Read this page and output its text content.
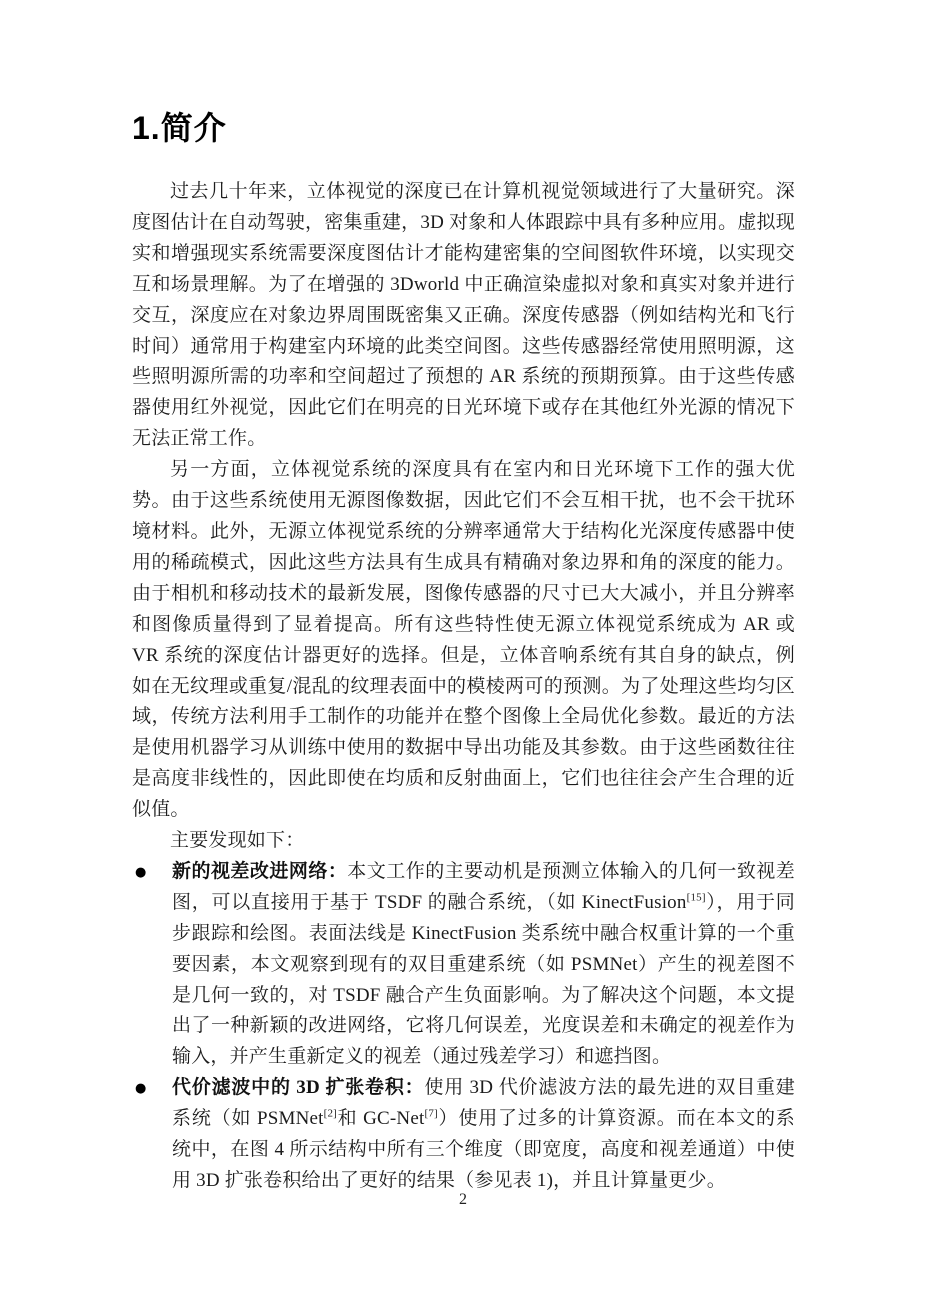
1.简介

过去几十年来，立体视觉的深度已在计算机视觉领域进行了大量研究。深度图估计在自动驾驶，密集重建，3D 对象和人体跟踪中具有多种应用。虚拟现实和增强现实系统需要深度图估计才能构建密集的空间图软件环境，以实现交互和场景理解。为了在增强的 3Dworld 中正确渲染虚拟对象和真实对象并进行交互，深度应在对象边界周围既密集又正确。深度传感器（例如结构光和飞行时间）通常用于构建室内环境的此类空间图。这些传感器经常使用照明源，这些照明源所需的功率和空间超过了预想的 AR 系统的预期预算。由于这些传感器使用红外视觉，因此它们在明亮的日光环境下或存在其他红外光源的情况下无法正常工作。

另一方面，立体视觉系统的深度具有在室内和日光环境下工作的强大优势。由于这些系统使用无源图像数据，因此它们不会互相干扰，也不会干扰环境材料。此外，无源立体视觉系统的分辨率通常大于结构化光深度传感器中使用的稀疏模式，因此这些方法具有生成具有精确对象边界和角的深度的能力。由于相机和移动技术的最新发展，图像传感器的尺寸已大大减小，并且分辨率和图像质量得到了显着提高。所有这些特性使无源立体视觉系统成为 AR 或 VR 系统的深度估计器更好的选择。但是，立体音响系统有其自身的缺点，例如在无纹理或重复/混乱的纹理表面中的模棱两可的预测。为了处理这些均匀区域，传统方法利用手工制作的功能并在整个图像上全局优化参数。最近的方法是使用机器学习从训练中使用的数据中导出功能及其参数。由于这些函数往往是高度非线性的，因此即使在均质和反射曲面上，它们也往往会产生合理的近似值。

主要发现如下：

● 新的视差改进网络：本文工作的主要动机是预测立体输入的几何一致视差图，可以直接用于基于 TSDF 的融合系统，（如 KinectFusion[15]），用于同步跟踪和绘图。表面法线是 KinectFusion 类系统中融合权重计算的一个重要因素，本文观察到现有的双目重建系统（如 PSMNet）产生的视差图不是几何一致的，对 TSDF 融合产生负面影响。为了解决这个问题，本文提出了一种新颖的改进网络，它将几何误差，光度误差和未确定的视差作为输入，并产生重新定义的视差（通过残差学习）和遮挡图。
● 代价滤波中的 3D 扩张卷积：使用 3D 代价滤波方法的最先进的双目重建系统（如 PSMNet[2]和 GC-Net[7]）使用了过多的计算资源。而在本文的系统中，在图 4 所示结构中所有三个维度（即宽度，高度和视差通道）中使用 3D 扩张卷积给出了更好的结果（参见表 1)，并且计算量更少。
2
